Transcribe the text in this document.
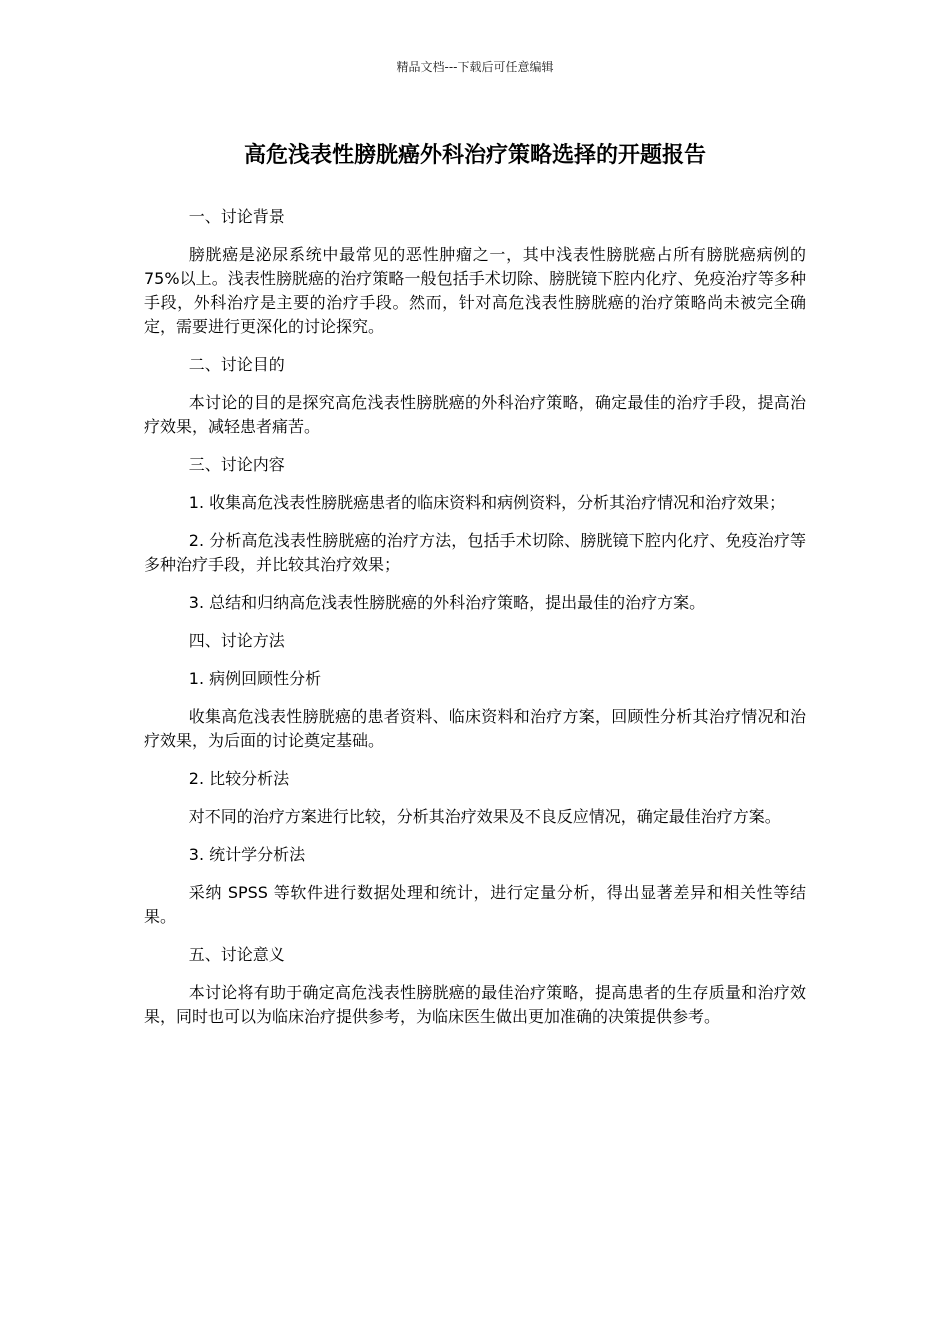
精品文档---下载后可任意编辑
高危浅表性膀胱癌外科治疗策略选择的开题报告

一、讨论背景

膀胱癌是泌尿系统中最常见的恶性肿瘤之一，其中浅表性膀胱癌占所有膀胱癌病例的 75%以上。浅表性膀胱癌的治疗策略一般包括手术切除、膀胱镜下腔内化疗、免疫治疗等多种手段，外科治疗是主要的治疗手段。然而，针对高危浅表性膀胱癌的治疗策略尚未被完全确定，需要进行更深化的讨论探究。

二、讨论目的

本讨论的目的是探究高危浅表性膀胱癌的外科治疗策略，确定最佳的治疗手段，提高治疗效果，减轻患者痛苦。

三、讨论内容

1. 收集高危浅表性膀胱癌患者的临床资料和病例资料，分析其治疗情况和治疗效果；

2. 分析高危浅表性膀胱癌的治疗方法，包括手术切除、膀胱镜下腔内化疗、免疫治疗等多种治疗手段，并比较其治疗效果；

3. 总结和归纳高危浅表性膀胱癌的外科治疗策略，提出最佳的治疗方案。

四、讨论方法

1. 病例回顾性分析

收集高危浅表性膀胱癌的患者资料、临床资料和治疗方案，回顾性分析其治疗情况和治疗效果，为后面的讨论奠定基础。

2. 比较分析法

对不同的治疗方案进行比较，分析其治疗效果及不良反应情况，确定最佳治疗方案。

3. 统计学分析法

采纳 SPSS 等软件进行数据处理和统计，进行定量分析，得出显著差异和相关性等结果。

五、讨论意义

本讨论将有助于确定高危浅表性膀胱癌的最佳治疗策略，提高患者的生存质量和治疗效果，同时也可以为临床治疗提供参考，为临床医生做出更加准确的决策提供参考。
